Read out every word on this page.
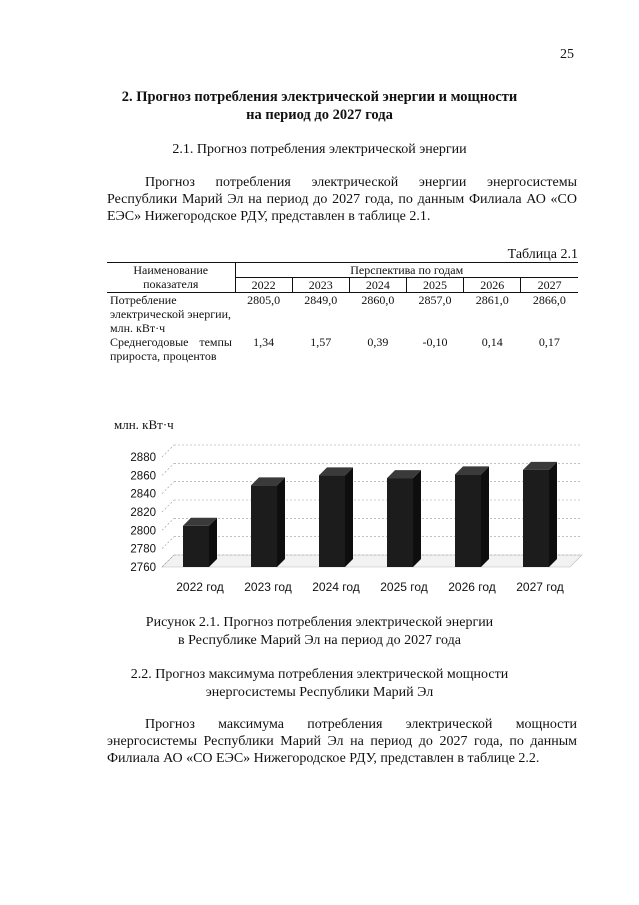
25
2. Прогноз потребления электрической энергии и мощности
на период до 2027 года
2.1. Прогноз потребления электрической энергии
Прогноз потребления электрической энергии энергосистемы Республики Марий Эл на период до 2027 года, по данным Филиала АО «СО ЕЭС» Нижегородское РДУ, представлен в таблице 2.1.
Таблица 2.1
Наименование показателя	Перспектива по годам					
	2022	2023	2024	2025	2026	2027
Потребление электрической энергии, млн. кВт·ч	2805,0	2849,0	2860,0	2857,0	2861,0	2866,0
Среднегодовые темпы прироста, процентов	1,34	1,57	0,39	-0,10	0,14	0,17
млн. кВт·ч
2760
2780
2800
2820
2840
2860
2880
2022 год 2023 год 2024 год 2025 год 2026 год 2027 год
Рисунок 2.1. Прогноз потребления электрической энергии
в Республике Марий Эл на период до 2027 года
2.2. Прогноз максимума потребления электрической мощности
энергосистемы Республики Марий Эл
Прогноз максимума потребления электрической мощности энергосистемы Республики Марий Эл на период до 2027 года, по данным Филиала АО «СО ЕЭС» Нижегородское РДУ, представлен в таблице 2.2.
